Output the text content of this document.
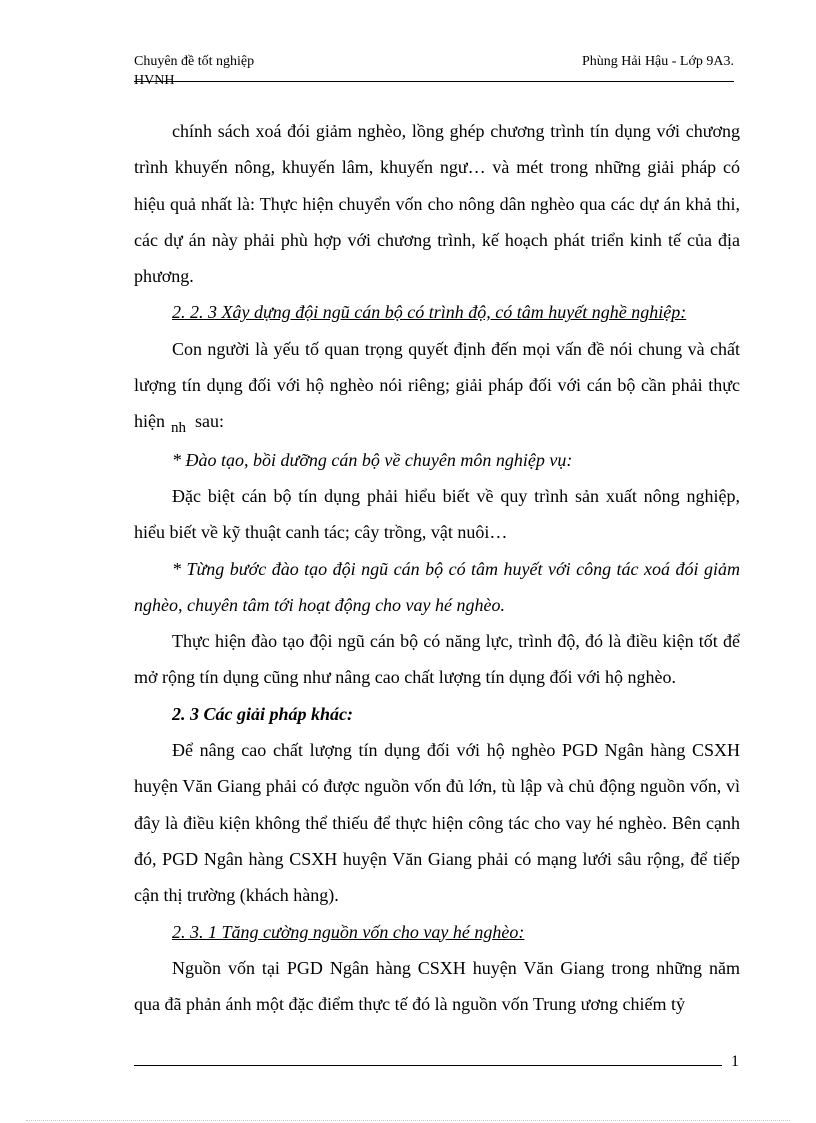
Chuyên đề tốt nghiệp
HVNH
Phùng Hải Hậu - Lớp 9A3.

chính sách xoá đói giảm nghèo, lồng ghép chương trình tín dụng với chương trình khuyến nông, khuyến lâm, khuyến ngư… và mét trong những giải pháp có hiệu quả nhất là: Thực hiện chuyển vốn cho nông dân nghèo qua các dự án khả thi, các dự án này phải phù hợp với chương trình, kế hoạch phát triển kinh tế của địa phương.

2. 2. 3 Xây dựng đội ngũ cán bộ có trình độ, có tâm huyết nghề nghiệp:

Con người là yếu tố quan trọng quyết định đến mọi vấn đề nói chung và chất lượng tín dụng đối với hộ nghèo nói riêng; giải pháp đối với cán bộ cần phải thực hiện $_{nh}$ sau:

* Đào tạo, bồi dưỡng cán bộ về chuyên môn nghiệp vụ:

Đặc biệt cán bộ tín dụng phải hiểu biết về quy trình sản xuất nông nghiệp, hiểu biết về kỹ thuật canh tác; cây trồng, vật nuôi…

* Từng bước đào tạo đội ngũ cán bộ có tâm huyết với công tác xoá đói giảm nghèo, chuyên tâm tới hoạt động cho vay hé nghèo.

Thực hiện đào tạo đội ngũ cán bộ có năng lực, trình độ, đó là điều kiện tốt để mở rộng tín dụng cũng như nâng cao chất lượng tín dụng đối với hộ nghèo.

2. 3 Các giải pháp khác:

Để nâng cao chất lượng tín dụng đối với hộ nghèo PGD Ngân hàng CSXH huyện Văn Giang phải có được nguồn vốn đủ lớn, tù lập và chủ động nguồn vốn, vì đây là điều kiện không thể thiếu để thực hiện công tác cho vay hé nghèo. Bên cạnh đó, PGD Ngân hàng CSXH huyện Văn Giang phải có mạng lưới sâu rộng, để tiếp cận thị trường (khách hàng).

2. 3. 1 Tăng cường nguồn vốn cho vay hé nghèo:

Nguồn vốn tại PGD Ngân hàng CSXH huyện Văn Giang trong những năm qua đã phản ánh một đặc điểm thực tế đó là nguồn vốn Trung ương chiếm tỷ

1
